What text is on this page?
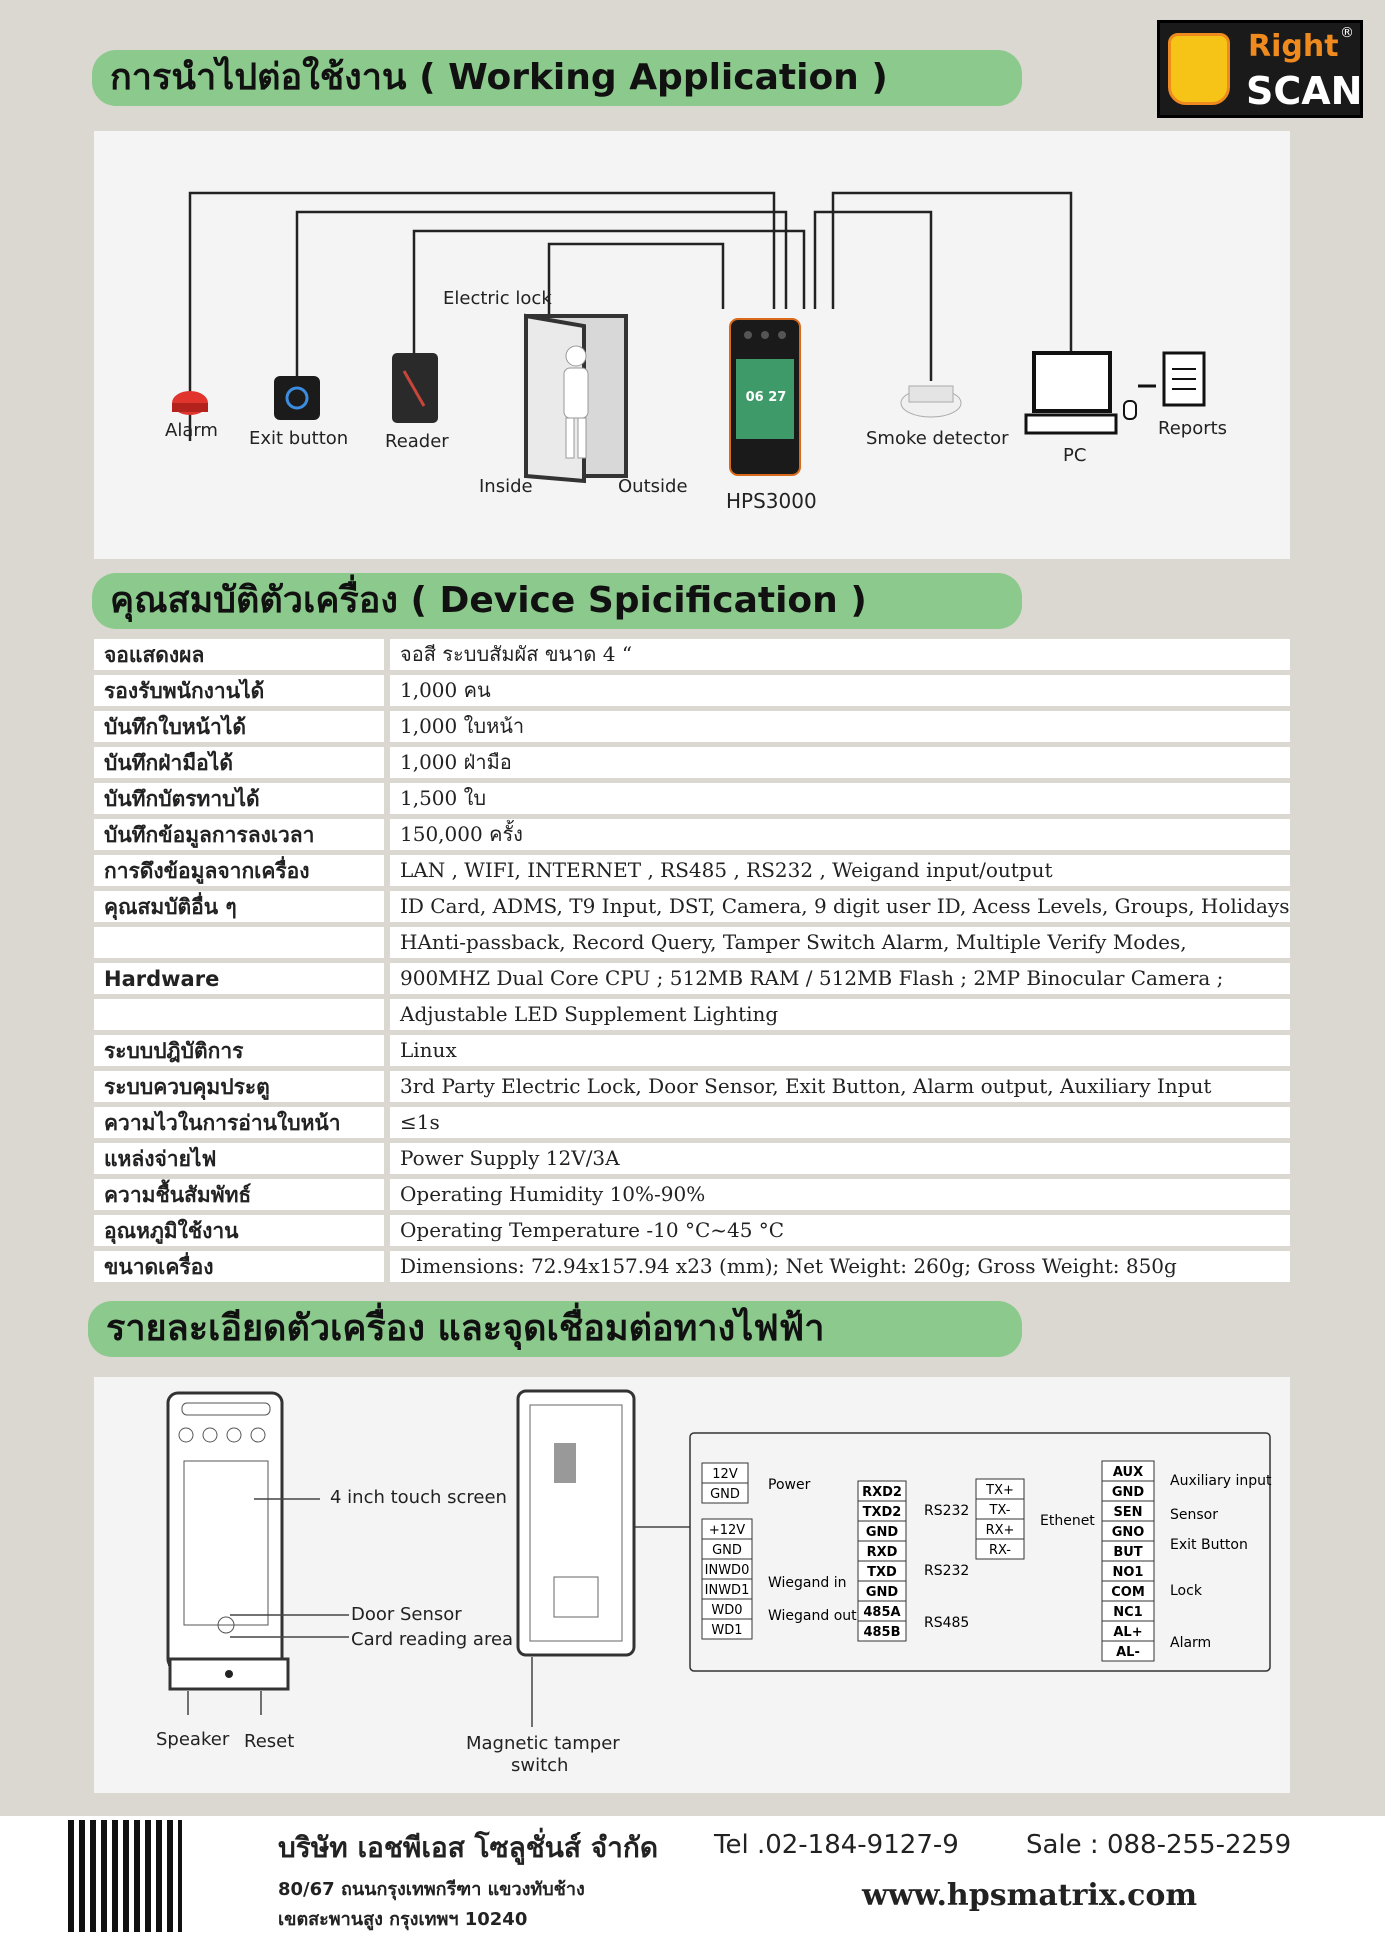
Right ®
SCAN
การนำไปต่อใช้งาน ( Working Application )
06 27
Alarm Exit button Reader
Electric lock
Inside	Outside
HPS3000
Smoke detector
PC
Reports
คุณสมบัติตัวเครื่อง ( Device Spicification )
จอแสดงผล	จอสี ระบบสัมผัส ขนาด 4 “
รองรับพนักงานได้	1,000 คน
บันทึกใบหน้าได้	1,000 ใบหน้า
บันทึกฝ่ามือได้	1,000 ฝ่ามือ
บันทึกบัตรทาบได้	1,500 ใบ
บันทึกข้อมูลการลงเวลา	150,000 ครั้ง
การดึงข้อมูลจากเครื่อง	LAN , WIFI, INTERNET , RS485 , RS232 , Weigand input/output
คุณสมบัติอื่น ๆ	ID Card, ADMS, T9 Input, DST, Camera, 9 digit user ID, Acess Levels, Groups, Holidays
HAnti-passback, Record Query, Tamper Switch Alarm, Multiple Verify Modes,
Hardware	900MHZ Dual Core CPU ; 512MB RAM / 512MB Flash ; 2MP Binocular Camera ;
Adjustable LED Supplement Lighting
ระบบปฎิบัติการ	Linux
ระบบควบคุมประตู	3rd Party Electric Lock, Door Sensor, Exit Button, Alarm output, Auxiliary Input
ความไวในการอ่านใบหน้า	≤1s
แหล่งจ่ายไฟ	Power Supply 12V/3A
ความชื้นสัมพัทธ์	Operating Humidity 10%-90%
อุณหภูมิใช้งาน	Operating Temperature -10 °C~45 °C
ขนาดเครื่อง	Dimensions: 72.94x157.94 x23 (mm); Net Weight: 260g; Gross Weight: 850g
รายละเอียดตัวเครื่อง และจุดเชื่อมต่อทางไฟฟ้า
12V
GND
+12V
GND
INWD0
INWD1
WD0
WD1
RXD2
TXD2
GND
RXD
TXD
GND
485A
485B
TX+
TX-
RX+
RX-
AUX
GND
SEN
GNO
BUT
NO1
COM
NC1
AL+
AL-
Power
Wiegand in
Wiegand out
RS232
RS232
RS485
Ethenet
Auxiliary input
Sensor
Exit Button
Lock
Alarm
4 inch touch screen
Door Sensor
Card reading area
Speaker Reset	Magnetic tamper
switch
บริษัท เอชพีเอส โซลูชั่นส์ จำกัด Tel .02-184-9127-9	Sale : 088-255-2259
80/67 ถนนกรุงเทพกรีฑา แขวงทับช้าง
เขตสะพานสูง กรุงเทพฯ 10240
www.hpsmatrix.com
